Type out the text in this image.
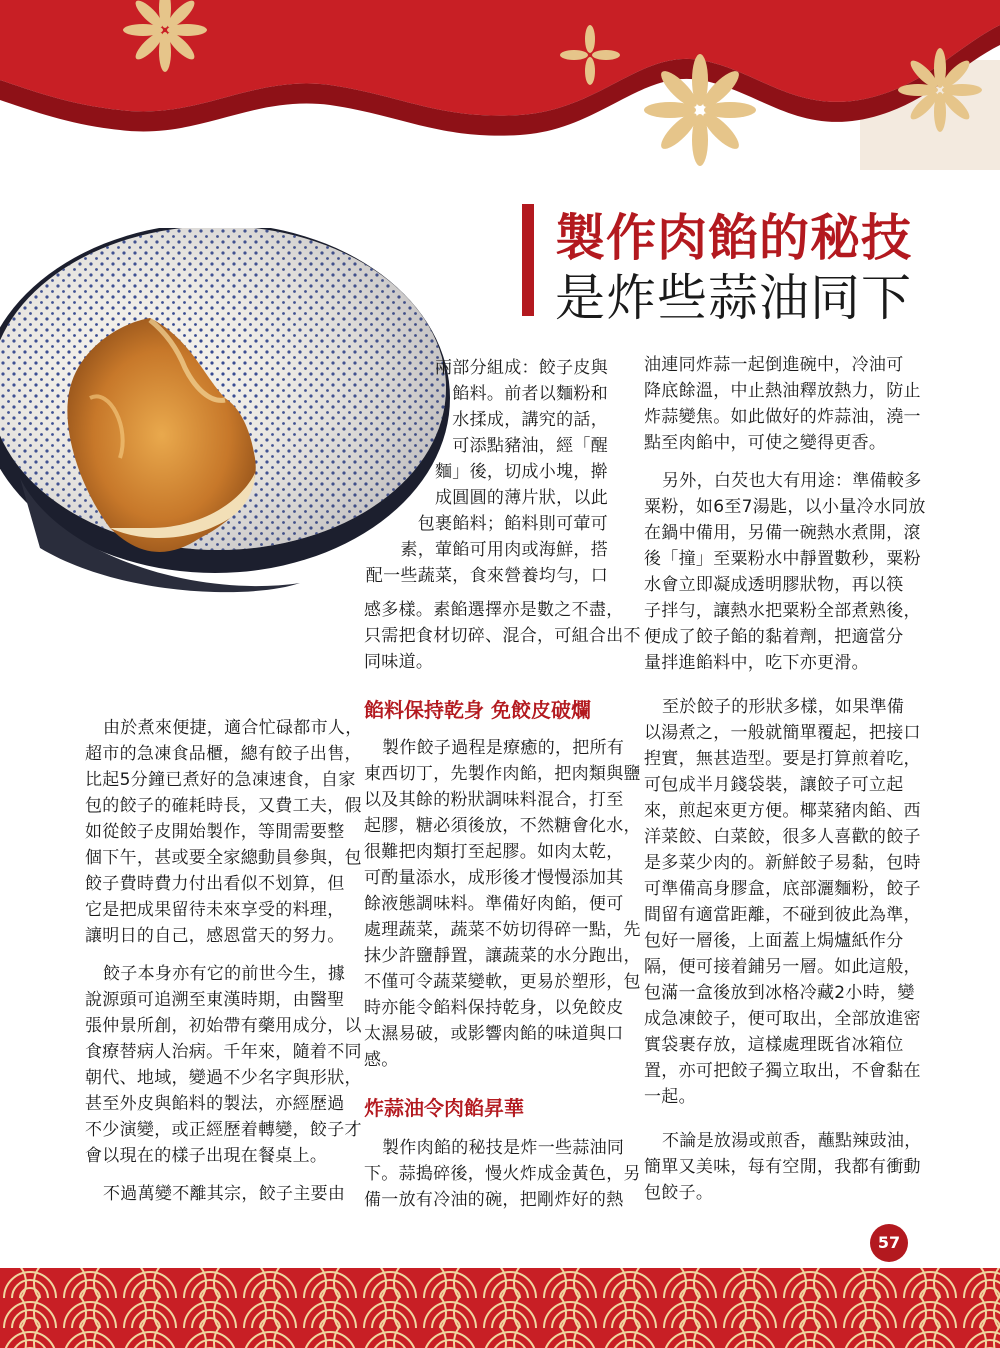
製作肉餡的秘技
是炸些蒜油同下
由於煮來便捷，適合忙碌都市人，
超市的急凍食品櫃，總有餃子出售，
比起5分鐘已煮好的急凍速食，自家
包的餃子的確耗時長，又費工夫，假
如從餃子皮開始製作，等閒需要整
個下午，甚或要全家總動員參與，包
餃子費時費力付出看似不划算，但
它是把成果留待未來享受的料理，
讓明日的自己，感恩當天的努力。
餃子本身亦有它的前世今生，據
說源頭可追溯至東漢時期，由醫聖
張仲景所創，初始帶有藥用成分，以
食療替病人治病。千年來，隨着不同
朝代、地域，變過不少名字與形狀，
甚至外皮與餡料的製法，亦經歷過
不少演變，或正經歷着轉變，餃子才
會以現在的樣子出現在餐桌上。
不過萬變不離其宗，餃子主要由
兩部分組成：餃子皮與
餡料。前者以麵粉和
水揉成，講究的話，
可添點豬油，經「醒
麵」後，切成小塊，擀
成圓圓的薄片狀，以此
包裹餡料；餡料則可葷可
素，葷餡可用肉或海鮮，搭
配一些蔬菜，食來營養均勻，口
感多樣。素餡選擇亦是數之不盡，
只需把食材切碎、混合，可組合出不
同味道。
餡料保持乾身 免餃皮破爛
製作餃子過程是療癒的，把所有
東西切丁，先製作肉餡，把肉類與鹽
以及其餘的粉狀調味料混合，打至
起膠，糖必須後放，不然糖會化水，
很難把肉類打至起膠。如肉太乾，
可酌量添水，成形後才慢慢添加其
餘液態調味料。準備好肉餡，便可
處理蔬菜，蔬菜不妨切得碎一點，先
抹少許鹽靜置，讓蔬菜的水分跑出，
不僅可令蔬菜變軟，更易於塑形，包
時亦能令餡料保持乾身，以免餃皮
太濕易破，或影響肉餡的味道與口
感。
炸蒜油令肉餡昇華
製作肉餡的秘技是炸一些蒜油同
下。蒜搗碎後，慢火炸成金黃色，另
備一放有冷油的碗，把剛炸好的熱
油連同炸蒜一起倒進碗中，冷油可
降底餘溫，中止熱油釋放熱力，防止
炸蒜變焦。如此做好的炸蒜油，澆一
點至肉餡中，可使之變得更香。
另外，白芡也大有用途：準備較多
粟粉，如6至7湯匙，以小量冷水同放
在鍋中備用，另備一碗熱水煮開，滾
後「撞」至粟粉水中靜置數秒，粟粉
水會立即凝成透明膠狀物，再以筷
子拌勻，讓熱水把粟粉全部煮熟後，
便成了餃子餡的黏着劑，把適當分
量拌進餡料中，吃下亦更滑。
至於餃子的形狀多樣，如果準備
以湯煮之，一般就簡單覆起，把接口
揑實，無甚造型。要是打算煎着吃，
可包成半月錢袋裝，讓餃子可立起
來，煎起來更方便。椰菜豬肉餡、西
洋菜餃、白菜餃，很多人喜歡的餃子
是多菜少肉的。新鮮餃子易黏，包時
可準備高身膠盒，底部灑麵粉，餃子
間留有適當距離，不碰到彼此為準，
包好一層後，上面蓋上焗爐紙作分
隔，便可接着鋪另一層。如此這般，
包滿一盒後放到冰格冷藏2小時，變
成急凍餃子，便可取出，全部放進密
實袋裹存放，這樣處理既省冰箱位
置，亦可把餃子獨立取出，不會黏在
一起。
不論是放湯或煎香，蘸點辣豉油，
簡單又美味，每有空閒，我都有衝動
包餃子。
57
